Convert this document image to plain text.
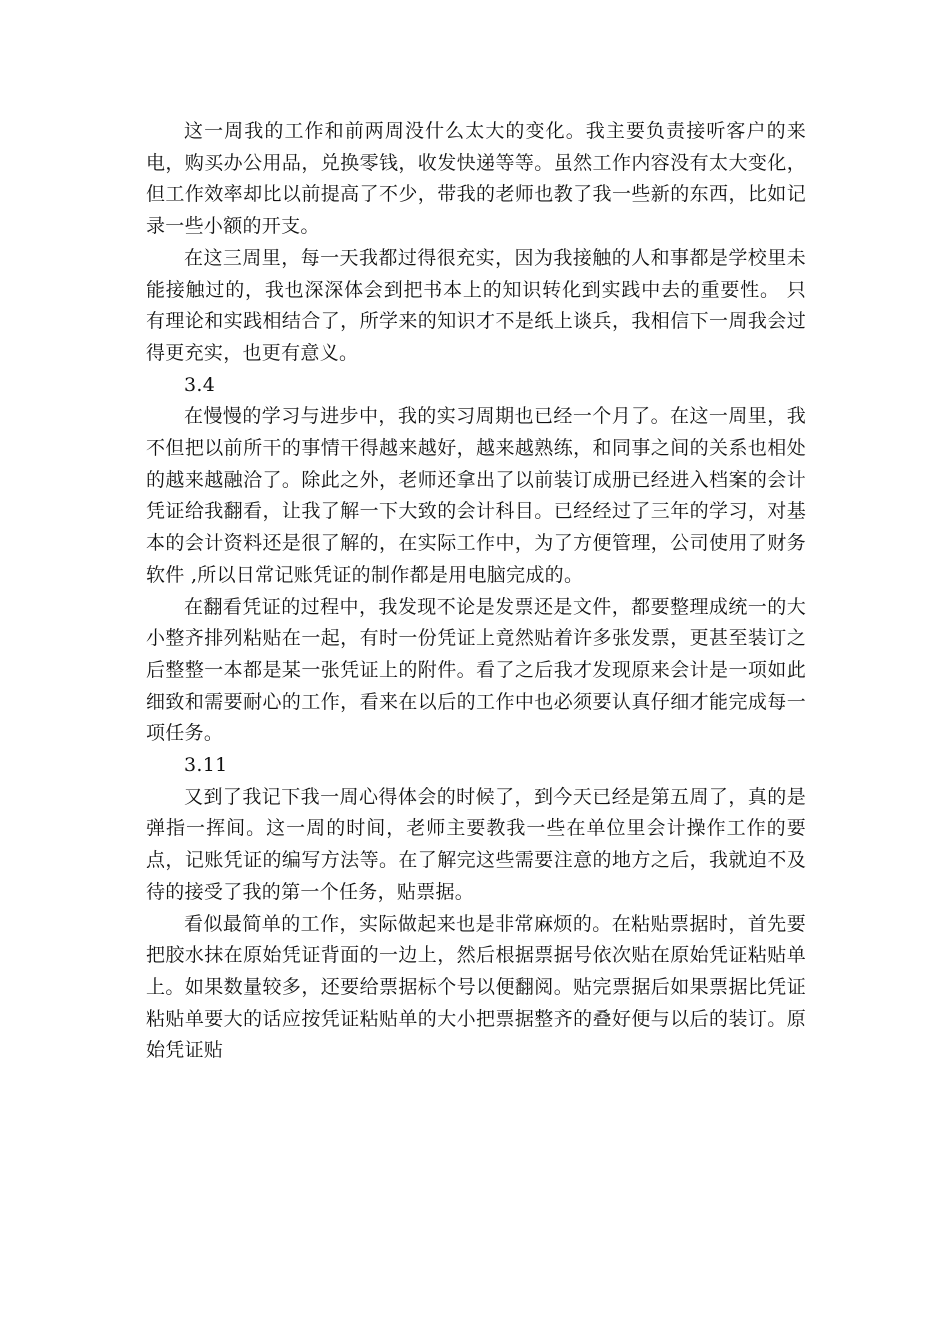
这一周我的工作和前两周没什么太大的变化。我主要负责接听客户的来电，购买办公用品，兑换零钱，收发快递等等。虽然工作内容没有太大变化，但工作效率却比以前提高了不少，带我的老师也教了我一些新的东西，比如记录一些小额的开支。

在这三周里，每一天我都过得很充实，因为我接触的人和事都是学校里未能接触过的，我也深深体会到把书本上的知识转化到实践中去的重要性。 只有理论和实践相结合了，所学来的知识才不是纸上谈兵，我相信下一周我会过得更充实，也更有意义。

3.4

在慢慢的学习与进步中，我的实习周期也已经一个月了。在这一周里，我不但把以前所干的事情干得越来越好，越来越熟练，和同事之间的关系也相处的越来越融洽了。除此之外，老师还拿出了以前装订成册已经进入档案的会计凭证给我翻看，让我了解一下大致的会计科目。已经经过了三年的学习，对基本的会计资料还是很了解的，在实际工作中，为了方便管理，公司使用了财务软件 ,所以日常记账凭证的制作都是用电脑完成的。

在翻看凭证的过程中，我发现不论是发票还是文件，都要整理成统一的大小整齐排列粘贴在一起，有时一份凭证上竟然贴着许多张发票，更甚至装订之后整整一本都是某一张凭证上的附件。看了之后我才发现原来会计是一项如此细致和需要耐心的工作，看来在以后的工作中也必须要认真仔细才能完成每一项任务。

3.11

又到了我记下我一周心得体会的时候了，到今天已经是第五周了，真的是弹指一挥间。这一周的时间，老师主要教我一些在单位里会计操作工作的要点，记账凭证的编写方法等。在了解完这些需要注意的地方之后，我就迫不及待的接受了我的第一个任务，贴票据。

看似最简单的工作，实际做起来也是非常麻烦的。在粘贴票据时，首先要把胶水抹在原始凭证背面的一边上，然后根据票据号依次贴在原始凭证粘贴单上。如果数量较多，还要给票据标个号以便翻阅。贴完票据后如果票据比凭证粘贴单要大的话应按凭证粘贴单的大小把票据整齐的叠好便与以后的装订。原始凭证贴
